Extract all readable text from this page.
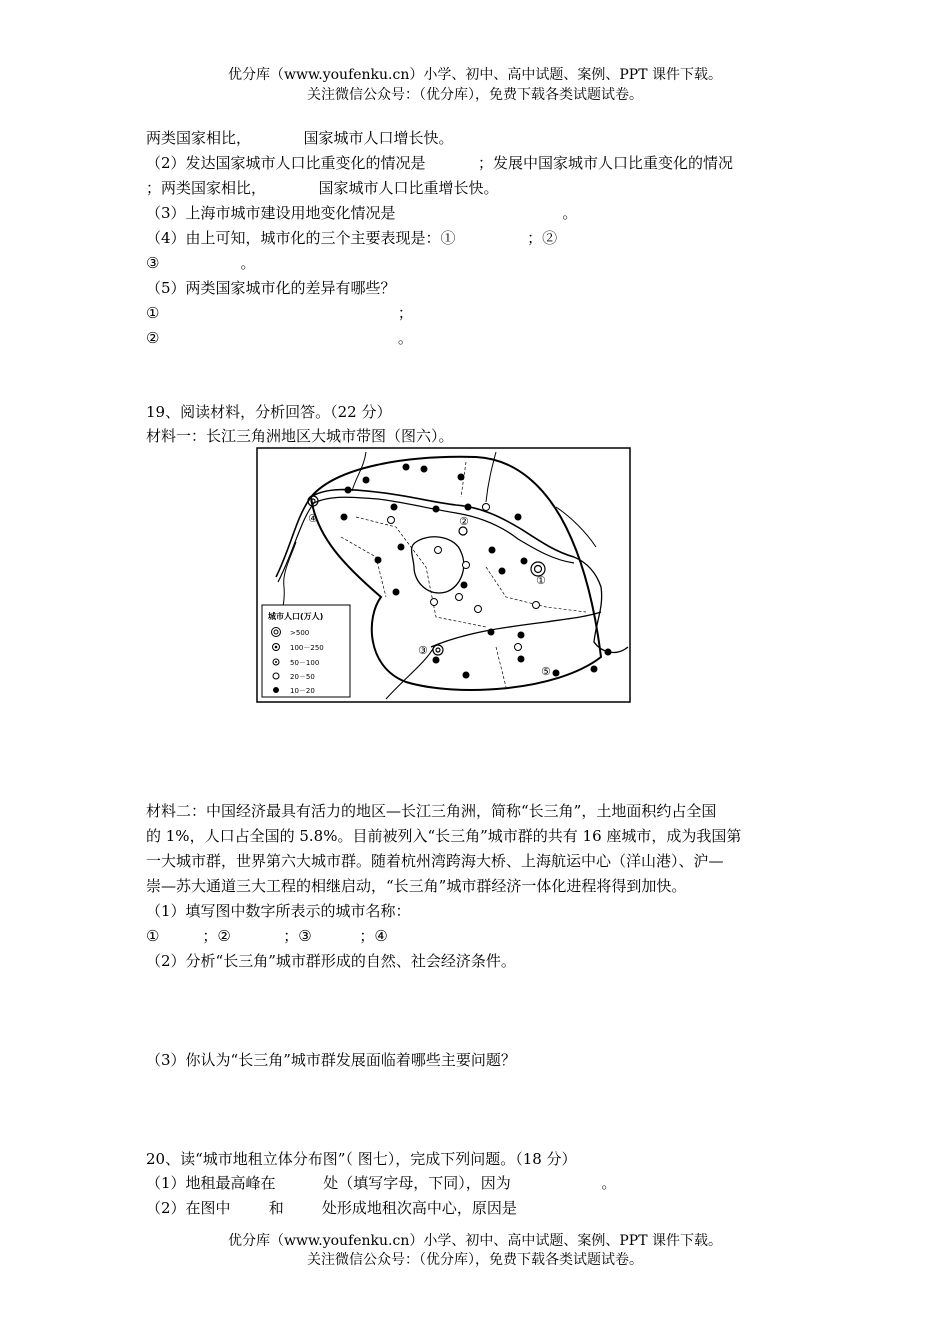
优分库（www.youfenku.cn）小学、初中、高中试题、案例、PPT 课件下载。
关注微信公众号：（优分库），免费下载各类试题试卷。
两类国家相比，           国家城市人口增长快。
（2）发达国家城市人口比重变化的情况是           ；发展中国家城市人口比重变化的情况
；两类国家相比，           国家城市人口比重增长快。
（3）上海市城市建设用地变化情况是                                   。
（4）由上可知，城市化的三个主要表现是：①               ；②
③                 。
（5）两类国家城市化的差异有哪些？
①                                                  ；
②                                                  。
19、阅读材料，分析回答。（22 分）
材料一：长江三角洲地区大城市带图（图六）。
①
②
③
④
⑤
城市人口(万人)
>500
100－250
50－100
20－50
10－20
材料二：中国经济最具有活力的地区—长江三角洲，简称“长三角”，土地面积约占全国
的 1%，人口占全国的 5.8%。目前被列入“长三角”城市群的共有 16 座城市，成为我国第
一大城市群，世界第六大城市群。随着杭州湾跨海大桥、上海航运中心（洋山港）、沪—
崇—苏大通道三大工程的相继启动，“长三角”城市群经济一体化进程将得到加快。
（1）填写图中数字所表示的城市名称：
①         ；②           ；③          ；④
（2）分析“长三角”城市群形成的自然、社会经济条件。
（3）你认为“长三角”城市群发展面临着哪些主要问题？
20、读“城市地租立体分布图”（ 图七），完成下列问题。（18 分）
（1）地租最高峰在          处（填写字母，下同），因为                   。
（2）在图中        和        处形成地租次高中心，原因是
优分库（www.youfenku.cn）小学、初中、高中试题、案例、PPT 课件下载。
关注微信公众号：（优分库），免费下载各类试题试卷。
